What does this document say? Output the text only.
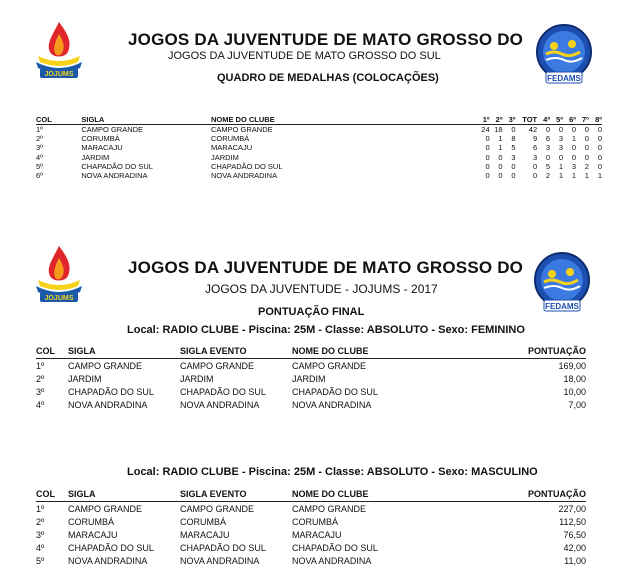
JOJUMS
JOGOS DA JUVENTUDE DE MATO GROSSO DO
JOGOS DA JUVENTUDE DE MATO GROSSO DO SUL
QUADRO DE MEDALHAS (COLOCAÇÕES)	FEDAMS
COL	SIGLA	NOME DO CLUBE	1º	2º	3º	TOT	4º	5º	6º	7º	8º
1º	CAMPO GRANDE	CAMPO GRANDE	24	18	0	42	0	0	0	0	0
2º	CORUMBÁ	CORUMBÁ	0	1	8	9	6	3	1	0	0
3º	MARACAJU	MARACAJU	0	1	5	6	3	3	0	0	0
4º	JARDIM	JARDIM	0	0	3	3	0	0	0	0	0
5º	CHAPADÃO DO SUL	CHAPADÃO DO SUL	0	0	0	0	5	1	3	2	0
6º	NOVA ANDRADINA	NOVA ANDRADINA	0	0	0	0	2	1	1	1	1
JOJUMS
JOGOS DA JUVENTUDE DE MATO GROSSO DO
JOGOS DA JUVENTUDE - JOJUMS - 2017
PONTUAÇÃO FINAL
Local: RADIO CLUBE - Piscina: 25M - Classe: ABSOLUTO - Sexo: FEMININO
FEDAMS
COL	SIGLA	SIGLA EVENTO	NOME DO CLUBE	PONTUAÇÃO
1º	CAMPO GRANDE	CAMPO GRANDE	CAMPO GRANDE	169,00
2º	JARDIM	JARDIM	JARDIM	18,00
3º	CHAPADÃO DO SUL	CHAPADÃO DO SUL	CHAPADÃO DO SUL	10,00
4º	NOVA ANDRADINA	NOVA ANDRADINA	NOVA ANDRADINA	7,00
Local: RADIO CLUBE - Piscina: 25M - Classe: ABSOLUTO - Sexo: MASCULINO
COL	SIGLA	SIGLA EVENTO	NOME DO CLUBE	PONTUAÇÃO
1º	CAMPO GRANDE	CAMPO GRANDE	CAMPO GRANDE	227,00
2º	CORUMBÁ	CORUMBÁ	CORUMBÁ	112,50
3º	MARACAJU	MARACAJU	MARACAJU	76,50
4º	CHAPADÃO DO SUL	CHAPADÃO DO SUL	CHAPADÃO DO SUL	42,00
5º	NOVA ANDRADINA	NOVA ANDRADINA	NOVA ANDRADINA	11,00
